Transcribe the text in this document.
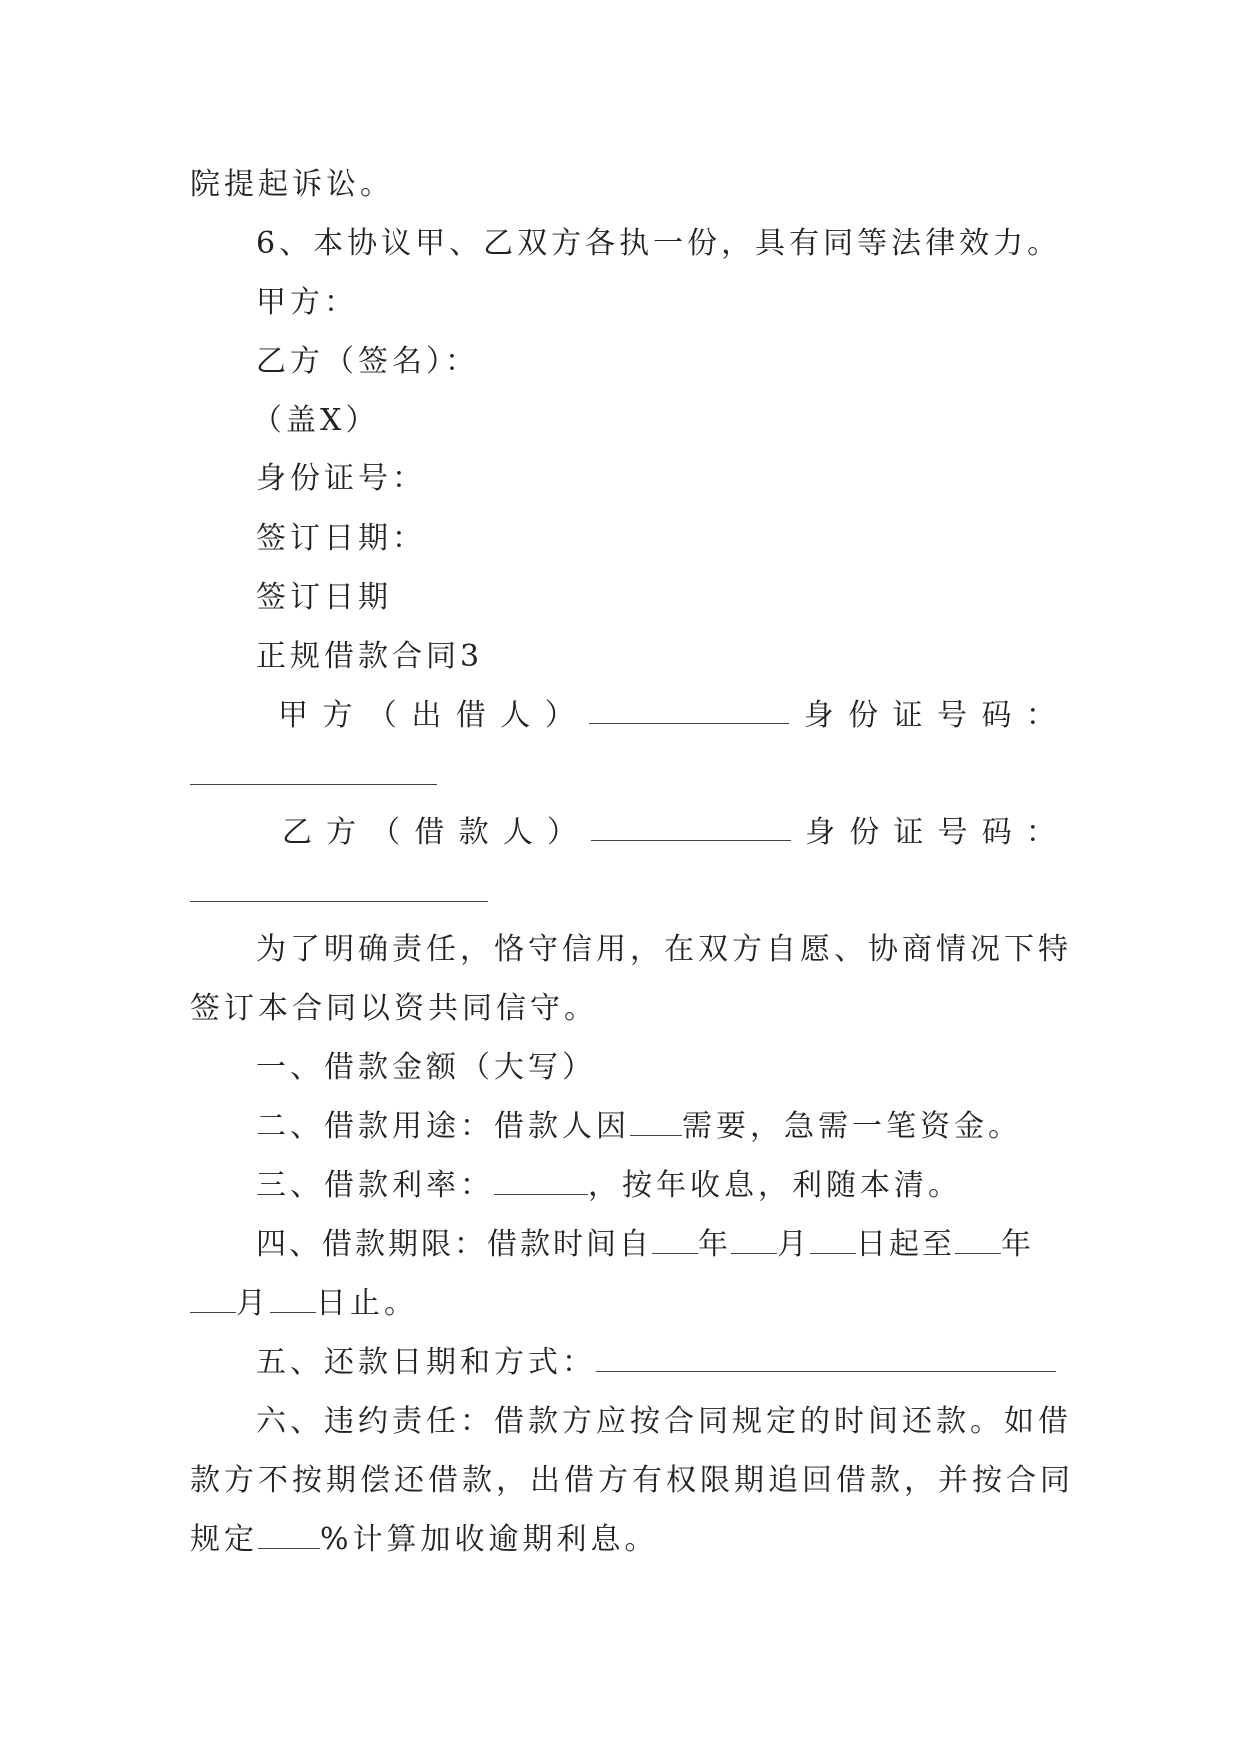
院提起诉讼。
6、本协议甲、乙双方各执一份，具有同等法律效力。
甲方：
乙方（签名）：
（盖X）
身份证号：
签订日期：
签订日期
正规借款合同3
甲 方 （ 出 借 人 ）	身 份 证 号 码 ：
乙 方 （ 借 款 人 ）	身 份 证 号 码 ：
为了明确责任，恪守信用，在双方自愿、协商情况下特
签订本合同以资共同信守。
一、借款金额（大写）
二、借款用途：借款人因 需要，急需一笔资金。
三、借款利率：	，按年收息，利随本清。
四、借款期限：借款时间自 年 月 日起至 年
月 日止。
五、还款日期和方式：
六、违约责任：借款方应按合同规定的时间还款。如借
款方不按期偿还借款，出借方有权限期追回借款，并按合同
规定 %计算加收逾期利息。
